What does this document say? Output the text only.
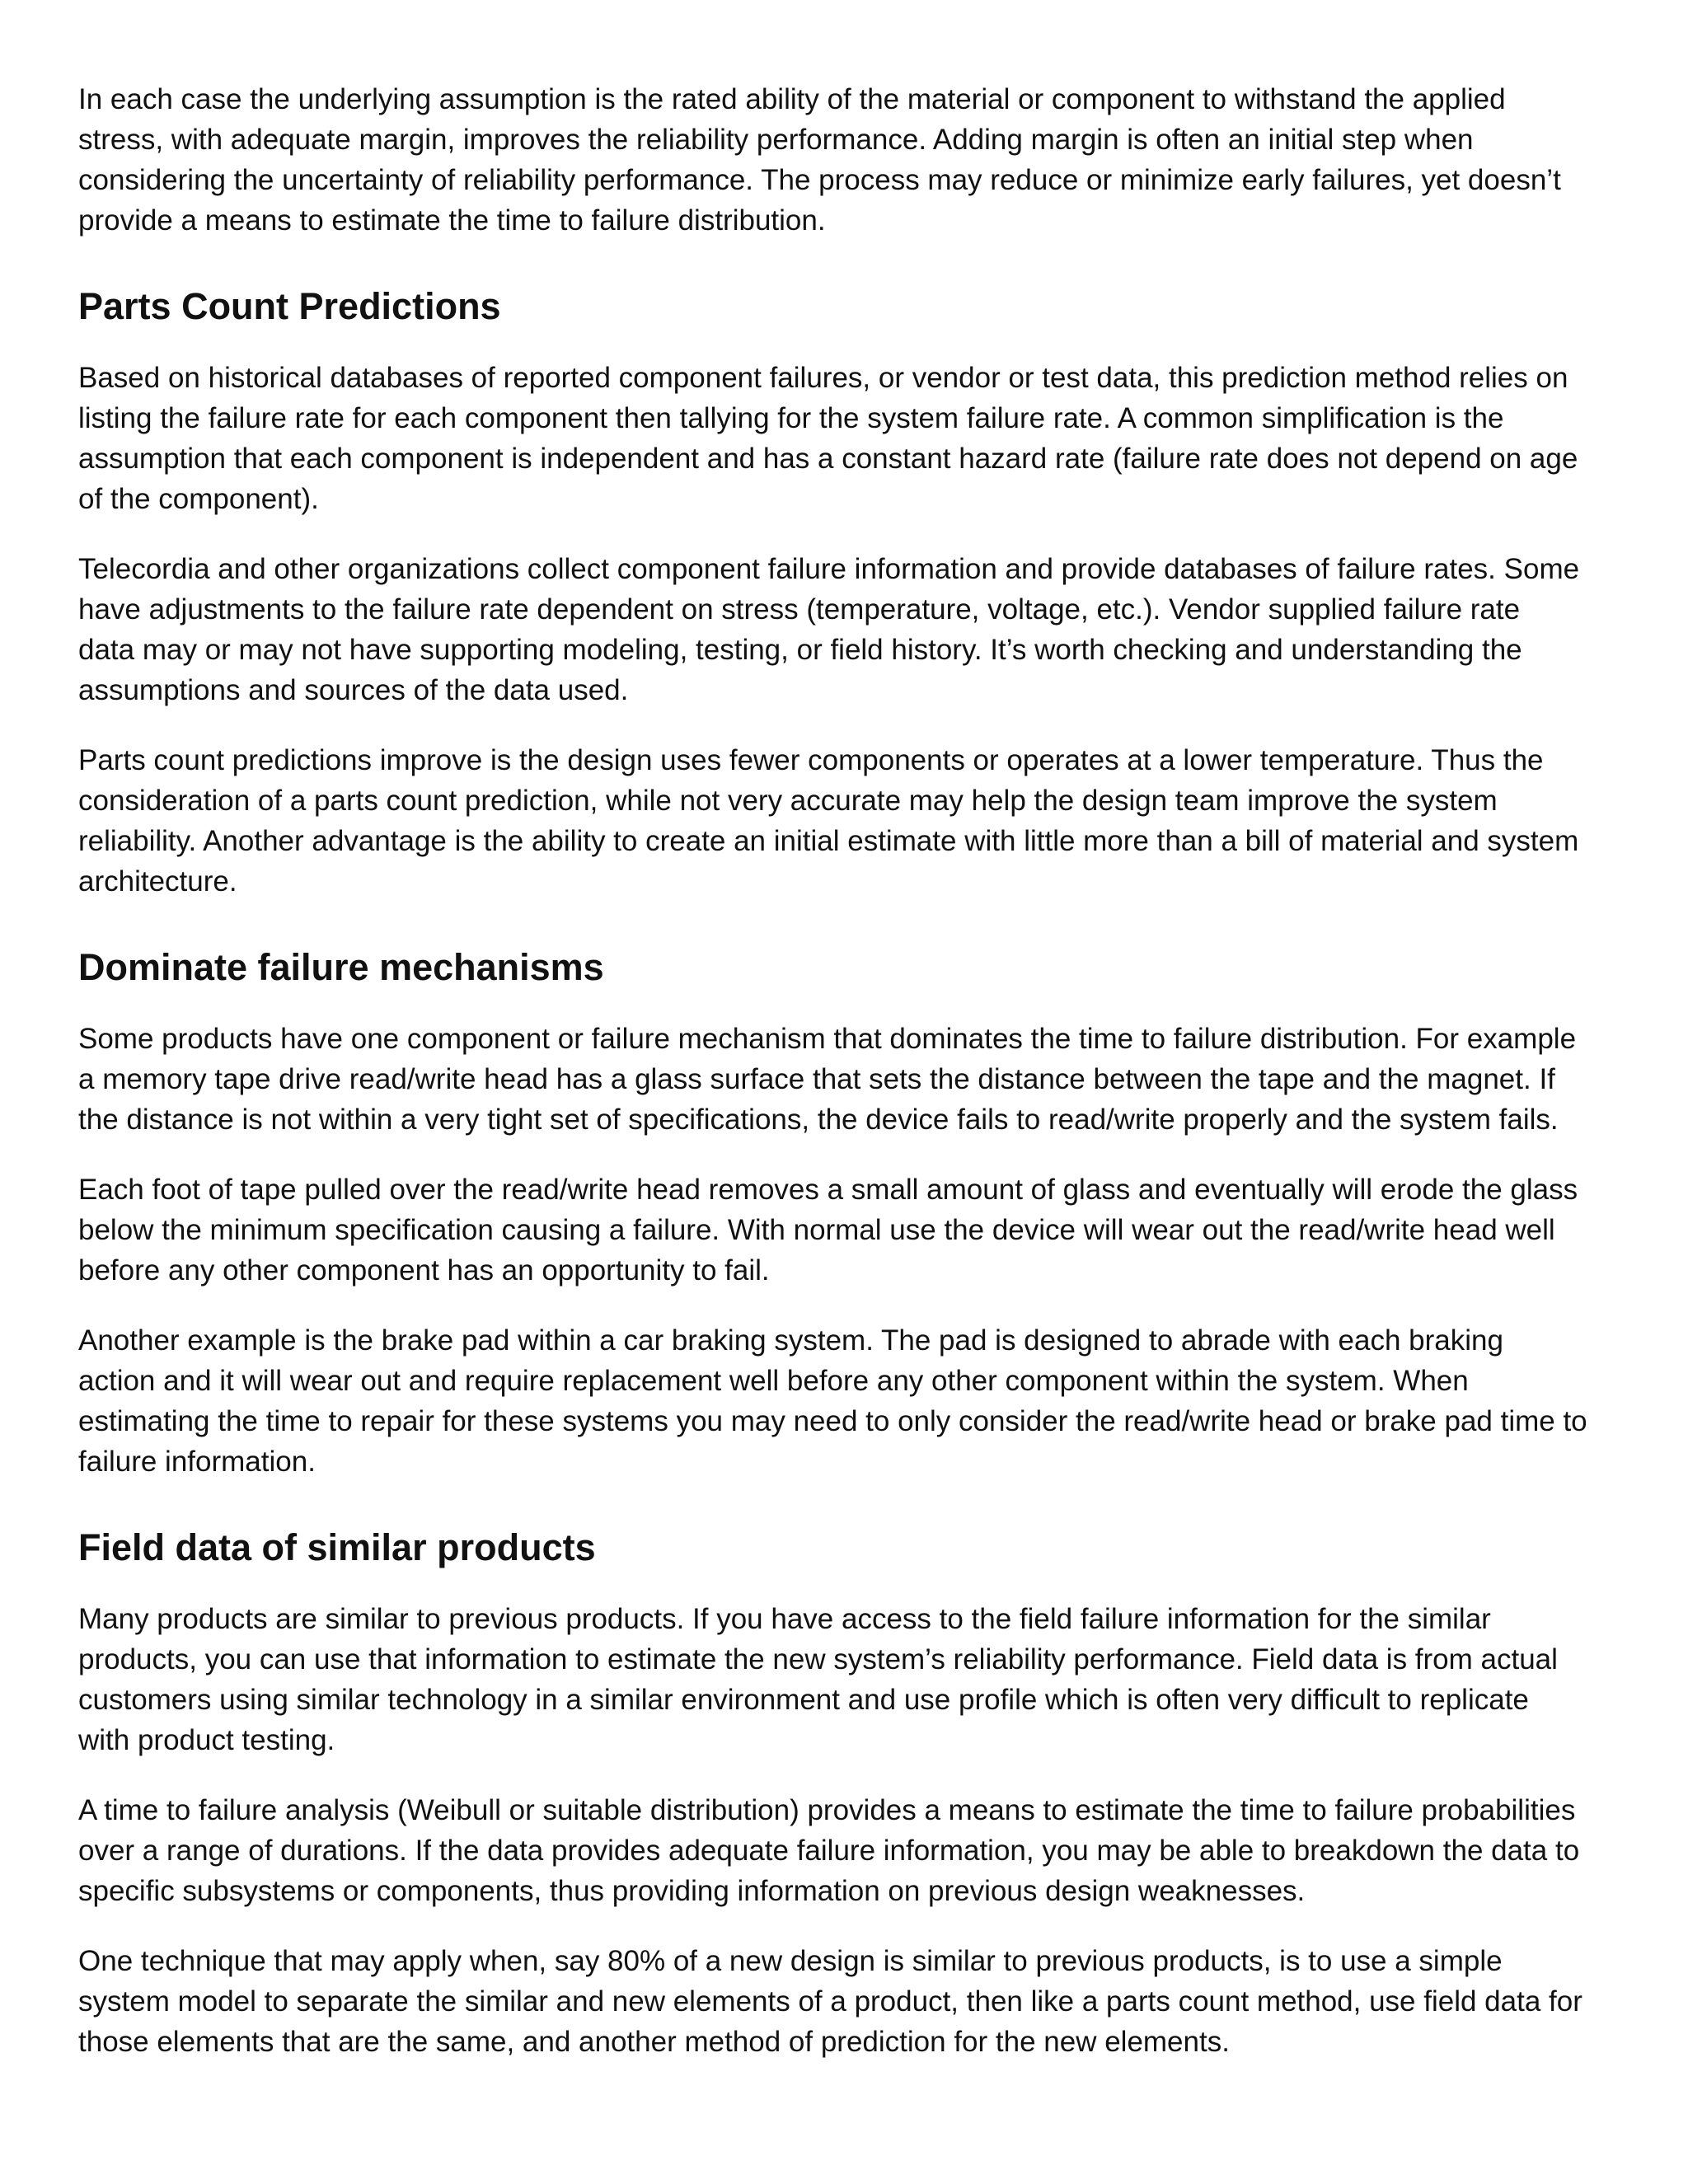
In each case the underlying assumption is the rated ability of the material or component to withstand the applied
stress, with adequate margin, improves the reliability performance. Adding margin is often an initial step when
considering the uncertainty of reliability performance. The process may reduce or minimize early failures, yet doesn’t
provide a means to estimate the time to failure distribution.

Parts Count Predictions

Based on historical databases of reported component failures, or vendor or test data, this prediction method relies on
listing the failure rate for each component then tallying for the system failure rate. A common simplification is the
assumption that each component is independent and has a constant hazard rate (failure rate does not depend on age
of the component).

Telecordia and other organizations collect component failure information and provide databases of failure rates. Some
have adjustments to the failure rate dependent on stress (temperature, voltage, etc.). Vendor supplied failure rate
data may or may not have supporting modeling, testing, or field history. It’s worth checking and understanding the
assumptions and sources of the data used.

Parts count predictions improve is the design uses fewer components or operates at a lower temperature. Thus the
consideration of a parts count prediction, while not very accurate may help the design team improve the system
reliability. Another advantage is the ability to create an initial estimate with little more than a bill of material and system
architecture.

Dominate failure mechanisms

Some products have one component or failure mechanism that dominates the time to failure distribution. For example
a memory tape drive read/write head has a glass surface that sets the distance between the tape and the magnet. If
the distance is not within a very tight set of specifications, the device fails to read/write properly and the system fails.

Each foot of tape pulled over the read/write head removes a small amount of glass and eventually will erode the glass
below the minimum specification causing a failure. With normal use the device will wear out the read/write head well
before any other component has an opportunity to fail.

Another example is the brake pad within a car braking system. The pad is designed to abrade with each braking
action and it will wear out and require replacement well before any other component within the system. When
estimating the time to repair for these systems you may need to only consider the read/write head or brake pad time to
failure information.

Field data of similar products

Many products are similar to previous products. If you have access to the field failure information for the similar
products, you can use that information to estimate the new system’s reliability performance. Field data is from actual
customers using similar technology in a similar environment and use profile which is often very difficult to replicate
with product testing.

A time to failure analysis (Weibull or suitable distribution) provides a means to estimate the time to failure probabilities
over a range of durations. If the data provides adequate failure information, you may be able to breakdown the data to
specific subsystems or components, thus providing information on previous design weaknesses.

One technique that may apply when, say 80% of a new design is similar to previous products, is to use a simple
system model to separate the similar and new elements of a product, then like a parts count method, use field data for
those elements that are the same, and another method of prediction for the new elements.
